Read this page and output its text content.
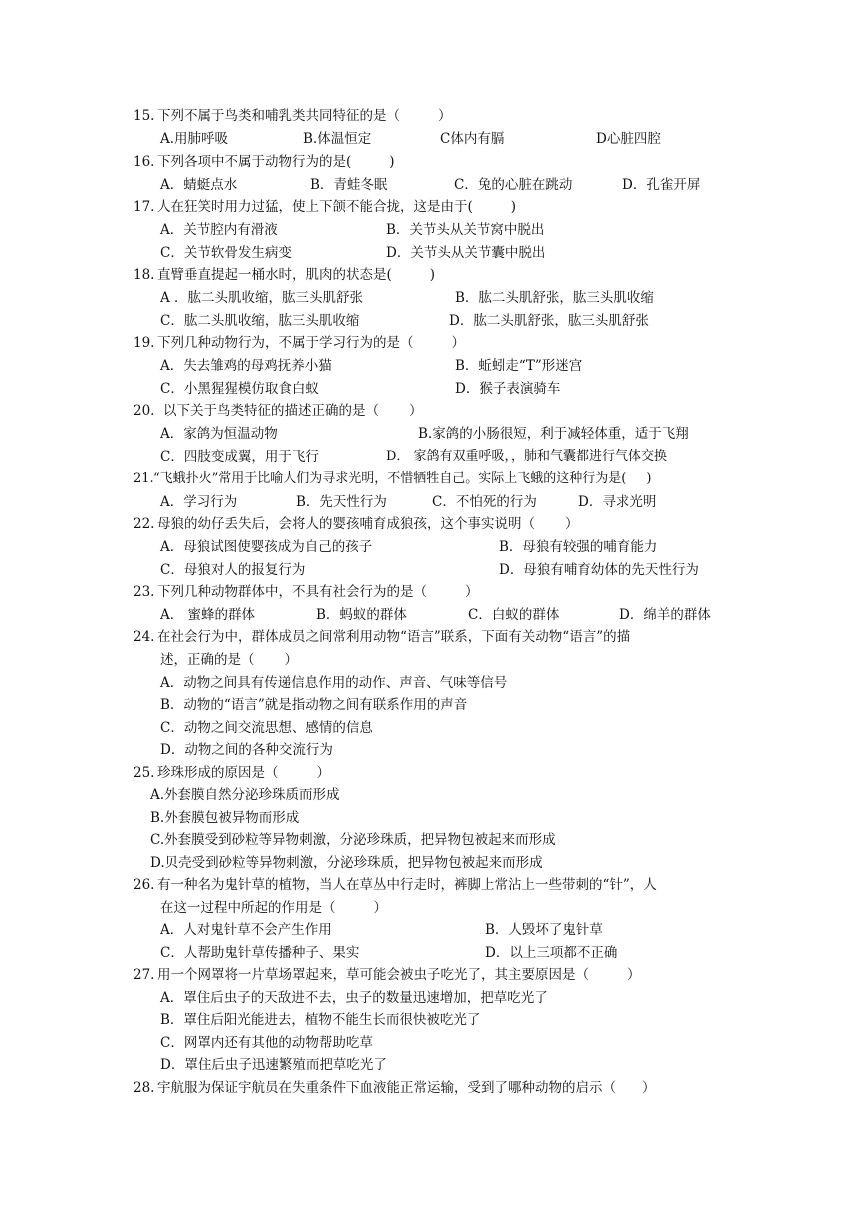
15. 下列不属于鸟类和哺乳类共同特征的是（	）
A.用肺呼吸	B.体温恒定	C体内有膈	D心脏四腔
16. 下列各项中不属于动物行为的是(	)
A．蜻蜓点水	B．青蛙冬眠	C．兔的心脏在跳动	D．孔雀开屏
17. 人在狂笑时用力过猛，使上下颌不能合拢，这是由于(	)
A．关节腔内有滑液	B．关节头从关节窝中脱出
C．关节软骨发生病变	D．关节头从关节囊中脱出
18. 直臂垂直提起一桶水时，肌肉的状态是(	)
A ．肱二头肌收缩，肱三头肌舒张	B．肱二头肌舒张，肱三头肌收缩
C．肱二头肌收缩，肱三头肌收缩	D．肱二头肌舒张，肱三头肌舒张
19. 下列几种动物行为，不属于学习行为的是（	）
A．失去雏鸡的母鸡抚养小猫	B．蚯蚓走“T”形迷宫
C．小黑猩猩模仿取食白蚁	D．猴子表演骑车
20. 以下关于鸟类特征的描述正确的是（ ）
A．家鸽为恒温动物	B.家鸽的小肠很短，利于减轻体重，适于飞翔
C．四肢变成翼，用于飞行	D． 家鸽有双重呼吸，，肺和气囊都进行气体交换
21.“飞蛾扑火”常用于比喻人们为寻求光明，不惜牺牲自己。实际上飞蛾的这种行为是( )
A．学习行为	B．先天性行为	C．不怕死的行为	D．寻求光明
22. 母狼的幼仔丢失后，会将人的婴孩哺育成狼孩，这个事实说明（ ）
A．母狼试图使婴孩成为自己的孩子	B．母狼有较强的哺育能力
C．母狼对人的报复行为	D．母狼有哺育幼体的先天性行为
23. 下列几种动物群体中，不具有社会行为的是（	）
A． 蜜蜂的群体	B．蚂蚁的群体	C．白蚁的群体	D．绵羊的群体
24. 在社会行为中，群体成员之间常利用动物“语言”联系，下面有关动物“语言”的描
述，正确的是（ ）
A．动物之间具有传递信息作用的动作、声音、气味等信号
B．动物的“语言”就是指动物之间有联系作用的声音
C．动物之间交流思想、感情的信息
D．动物之间的各种交流行为
25. 珍珠形成的原因是（	）
A.外套膜自然分泌珍珠质而形成
B.外套膜包被异物而形成
C.外套膜受到砂粒等异物刺激，分泌珍珠质，把异物包被起来而形成
D.贝壳受到砂粒等异物刺激，分泌珍珠质，把异物包被起来而形成
26. 有一种名为鬼针草的植物，当人在草丛中行走时，裤脚上常沾上一些带刺的“针”，人
在这一过程中所起的作用是（	）
A．人对鬼针草不会产生作用	B．人毁坏了鬼针草
C．人帮助鬼针草传播种子、果实	D．以上三项都不正确
27. 用一个网罩将一片草场罩起来，草可能会被虫子吃光了，其主要原因是（	）
A．罩住后虫子的天敌进不去，虫子的数量迅速增加，把草吃光了
B．罩住后阳光能进去，植物不能生长而很快被吃光了
C．网罩内还有其他的动物帮助吃草
D．罩住后虫子迅速繁殖而把草吃光了
28. 宇航服为保证宇航员在失重条件下血液能正常运输，受到了哪种动物的启示（ ）
